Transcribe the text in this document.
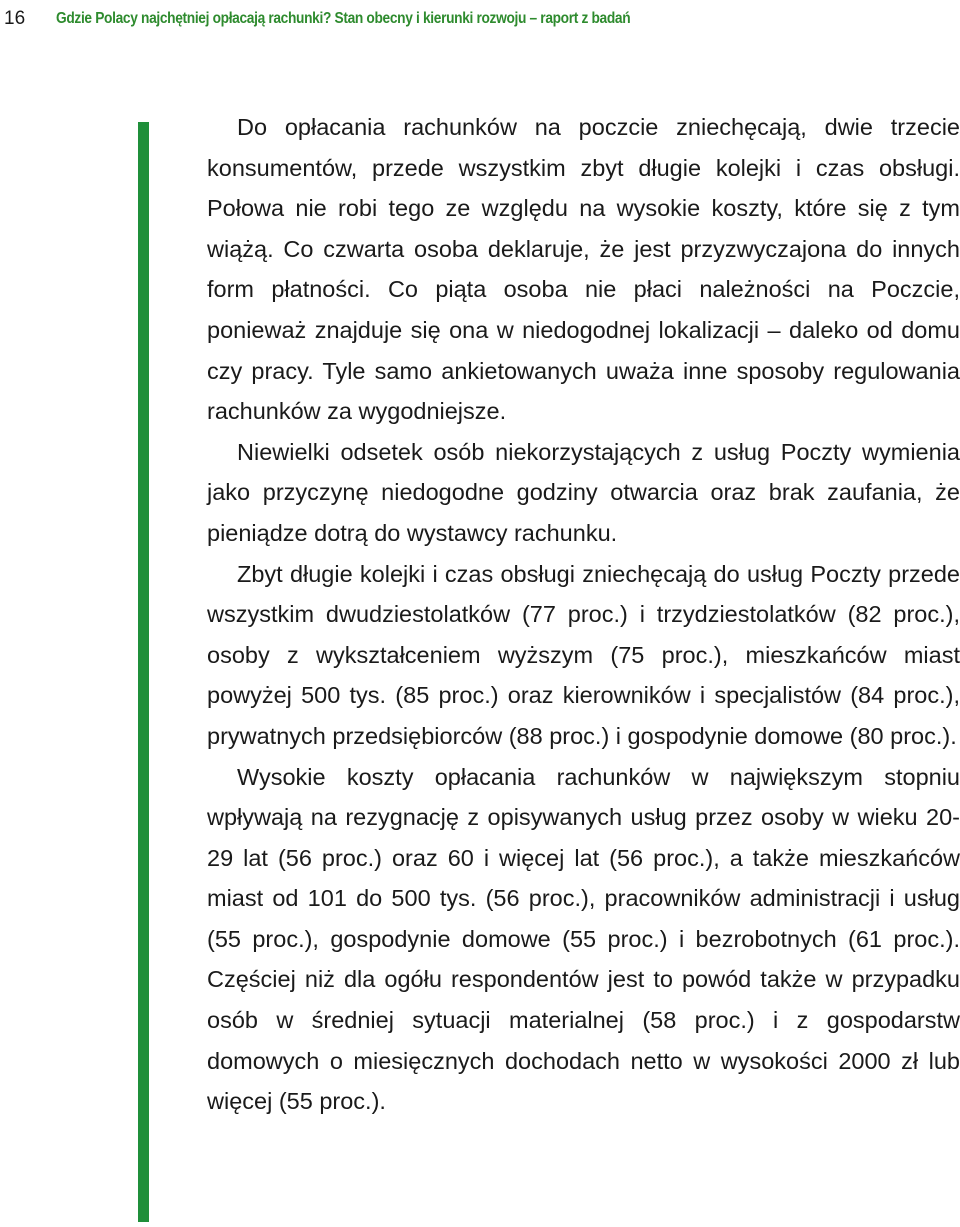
16	Gdzie Polacy najchętniej opłacają rachunki? Stan obecny i kierunki rozwoju – raport z badań

Do opłacania rachunków na poczcie zniechęcają, dwie trzecie konsumentów, przede wszystkim zbyt długie kolejki i czas obsługi. Połowa nie robi tego ze względu na wysokie koszty, które się z tym wiążą. Co czwarta osoba deklaruje, że jest przyzwyczajona do innych form płatności. Co piąta osoba nie płaci należności na Poczcie, ponieważ znajduje się ona w niedogodnej lokalizacji – daleko od domu czy pracy. Tyle samo ankietowanych uważa inne sposoby regulowania rachunków za wygodniejsze.

Niewielki odsetek osób niekorzystających z usług Poczty wymienia jako przyczynę niedogodne godziny otwarcia oraz brak zaufania, że pieniądze dotrą do wystawcy rachunku.

Zbyt długie kolejki i czas obsługi zniechęcają do usług Poczty przede wszystkim dwudziestolatków (77 proc.) i trzydziestolatków (82 proc.), osoby z wykształceniem wyższym (75 proc.), mieszkańców miast powyżej 500 tys. (85 proc.) oraz kierowników i specjalistów (84 proc.), prywatnych przedsiębiorców (88 proc.) i gospodynie domowe (80 proc.).

Wysokie koszty opłacania rachunków w największym stopniu wpływają na rezygnację z opisywanych usług przez osoby w wieku 20-29 lat (56 proc.) oraz 60 i więcej lat (56 proc.), a także mieszkańców miast od 101 do 500 tys. (56 proc.), pracowników administracji i usług (55 proc.), gospodynie domowe (55 proc.) i bezrobotnych (61 proc.). Częściej niż dla ogółu respondentów jest to powód także w przypadku osób w średniej sytuacji materialnej (58 proc.) i z gospodarstw domowych o miesięcznych dochodach netto w wysokości 2000 zł lub więcej (55 proc.).
